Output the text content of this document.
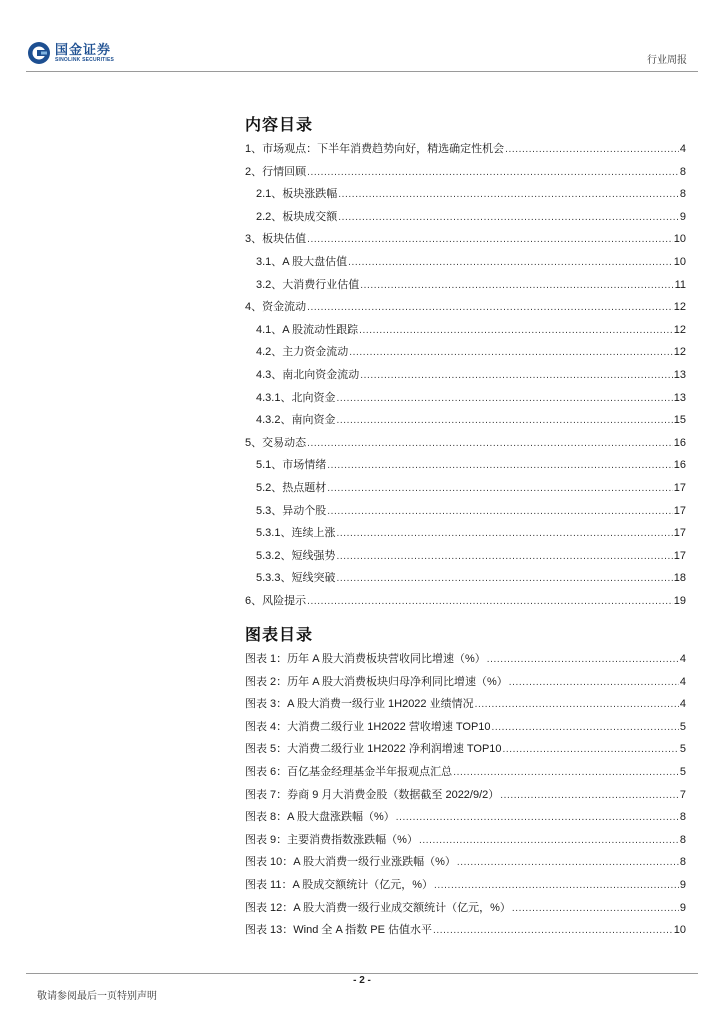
国金证券
SINOLINK SECURITIES	行业周报
内容目录
1、市场观点：下半年消费趋势向好，精选确定性机会 .....	4
2、行情回顾 .....	8
2.1、板块涨跌幅 .....	8
2.2、板块成交额 .....	9
3、板块估值 .....	10
3.1、A 股大盘估值 .....	10
3.2、大消费行业估值 .....	11
4、资金流动 .....	12
4.1、A 股流动性跟踪 .....	12
4.2、主力资金流动 .....	12
4.3、南北向资金流动 .....	13
4.3.1、北向资金 .....	13
4.3.2、南向资金 .....	15
5、交易动态 .....	16
5.1、市场情绪 .....	16
5.2、热点题材 .....	17
5.3、异动个股 .....	17
5.3.1、连续上涨 .....	17
5.3.2、短线强势 .....	17
5.3.3、短线突破 .....	18
6、风险提示 .....	19
图表目录
图表 1：历年 A 股大消费板块营收同比增速（%） .....	4
图表 2：历年 A 股大消费板块归母净利同比增速（%） .....	4
图表 3：A 股大消费一级行业 1H2022 业绩情况 .....	4
图表 4：大消费二级行业 1H2022 营收增速 TOP10 .....	5
图表 5：大消费二级行业 1H2022 净利润增速 TOP10 .....	5
图表 6：百亿基金经理基金半年报观点汇总 .....	5
图表 7：券商 9 月大消费金股（数据截至 2022/9/2） .....	7
图表 8：A 股大盘涨跌幅（%） .....	8
图表 9：主要消费指数涨跌幅（%） .....	8
图表 10：A 股大消费一级行业涨跌幅（%） .....	8
图表 11：A 股成交额统计（亿元，%） .....	9
图表 12：A 股大消费一级行业成交额统计（亿元，%） .....	9
图表 13：Wind 全 A 指数 PE 估值水平 .....	10
- 2 -
敬请参阅最后一页特别声明
